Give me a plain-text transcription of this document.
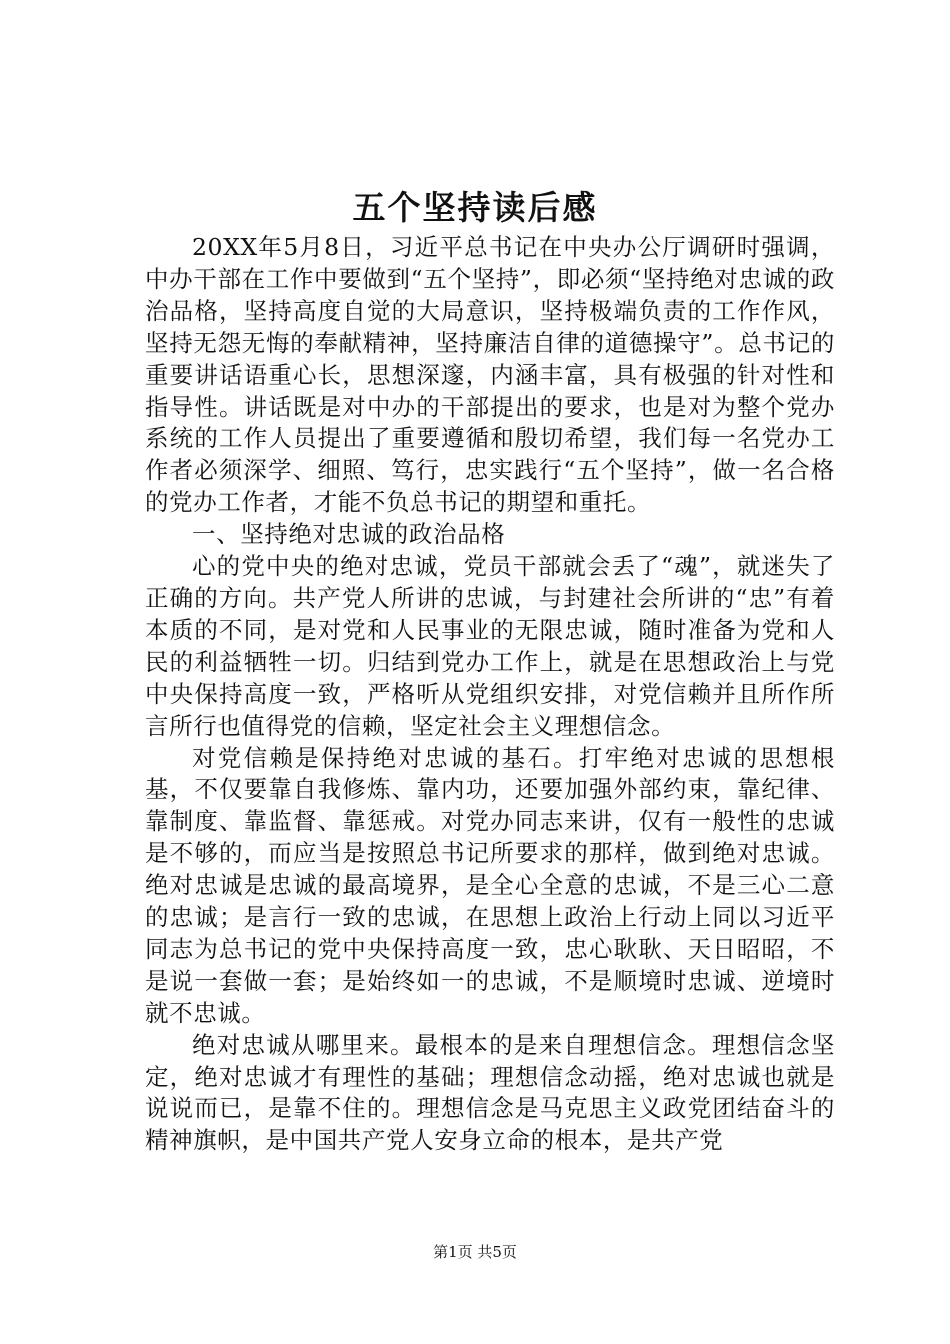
五个坚持读后感

20XX年5月8日，习近平总书记在中央办公厅调研时强调，中办干部在工作中要做到“五个坚持”，即必须“坚持绝对忠诚的政治品格，坚持高度自觉的大局意识，坚持极端负责的工作作风，坚持无怨无悔的奉献精神，坚持廉洁自律的道德操守”。总书记的重要讲话语重心长，思想深邃，内涵丰富，具有极强的针对性和指导性。讲话既是对中办的干部提出的要求，也是对为整个党办系统的工作人员提出了重要遵循和殷切希望，我们每一名党办工作者必须深学、细照、笃行，忠实践行“五个坚持”，做一名合格的党办工作者，才能不负总书记的期望和重托。

一、坚持绝对忠诚的政治品格

心的党中央的绝对忠诚，党员干部就会丢了“魂”，就迷失了正确的方向。共产党人所讲的忠诚，与封建社会所讲的“忠”有着本质的不同，是对党和人民事业的无限忠诚，随时准备为党和人民的利益牺牲一切。归结到党办工作上，就是在思想政治上与党中央保持高度一致，严格听从党组织安排，对党信赖并且所作所言所行也值得党的信赖，坚定社会主义理想信念。

对党信赖是保持绝对忠诚的基石。打牢绝对忠诚的思想根基，不仅要靠自我修炼、靠内功，还要加强外部约束，靠纪律、靠制度、靠监督、靠惩戒。对党办同志来讲，仅有一般性的忠诚是不够的，而应当是按照总书记所要求的那样，做到绝对忠诚。绝对忠诚是忠诚的最高境界，是全心全意的忠诚，不是三心二意的忠诚；是言行一致的忠诚，在思想上政治上行动上同以习近平同志为总书记的党中央保持高度一致，忠心耿耿、天日昭昭，不是说一套做一套；是始终如一的忠诚，不是顺境时忠诚、逆境时就不忠诚。

绝对忠诚从哪里来。最根本的是来自理想信念。理想信念坚定，绝对忠诚才有理性的基础；理想信念动摇，绝对忠诚也就是说说而已，是靠不住的。理想信念是马克思主义政党团结奋斗的精神旗帜，是中国共产党人安身立命的根本，是共产党

第1页 共5页
